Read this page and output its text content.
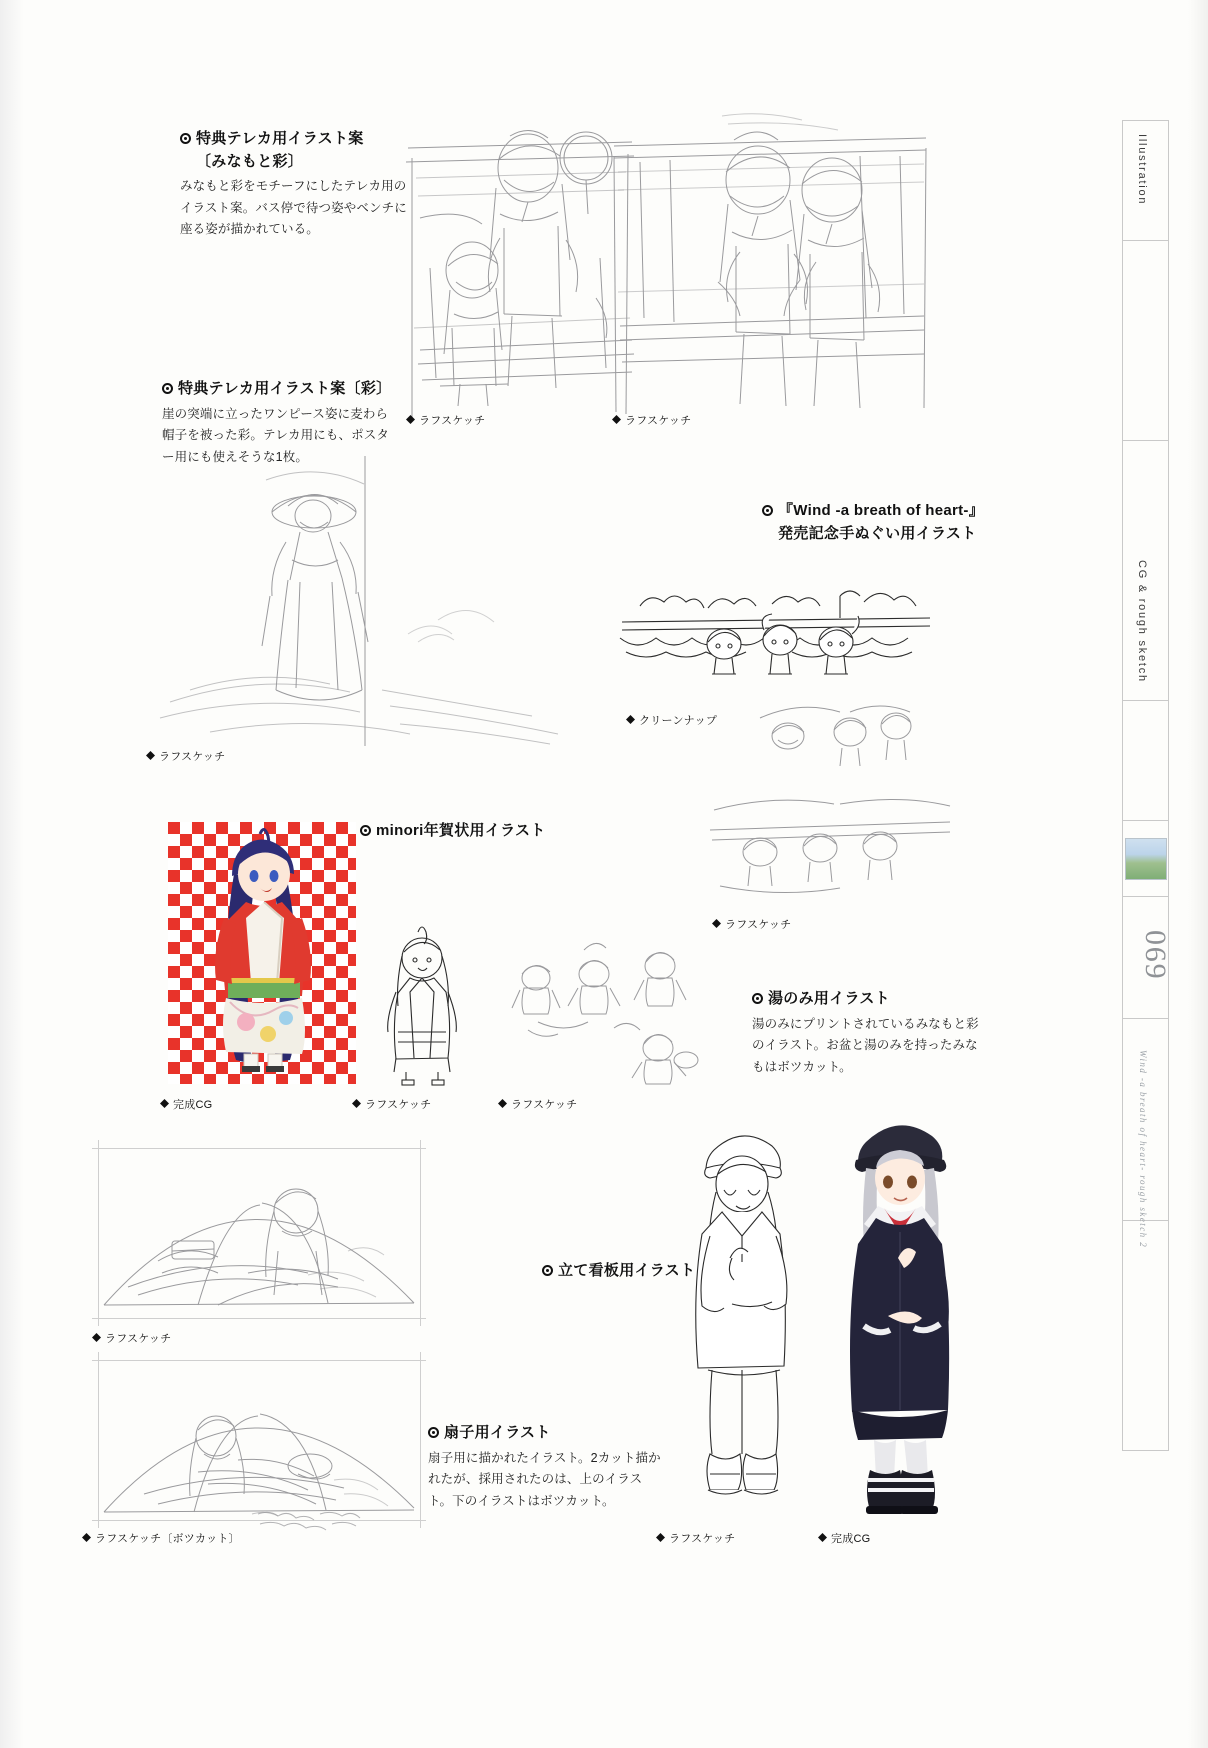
特典テレカ用イラスト案
〔みなもと彩〕
みなもと彩をモチーフにしたテレカ用のイラスト案。バス停で待つ姿やベンチに座る姿が描かれている。
ラフスケッチ	ラフスケッチ
特典テレカ用イラスト案〔彩〕
崖の突端に立ったワンピース姿に麦わら帽子を被った彩。テレカ用にも、ポスター用にも使えそうな1枚。
ラフスケッチ
『Wind -a breath of heart-』
発売記念手ぬぐい用イラスト
クリーンナップ
ラフスケッチ
minori年賀状用イラスト
完成CG	ラフスケッチ	ラフスケッチ
湯のみ用イラスト
湯のみにプリントされているみなもと彩のイラスト。お盆と湯のみを持ったみなもはボツカット。
ラフスケッチ
ラフスケッチ〔ボツカット〕
扇子用イラスト
扇子用に描かれたイラスト。2カット描かれたが、採用されたのは、上のイラスト。下のイラストはボツカット。
立て看板用イラスト
ラフスケッチ	完成CG
Illustration
CG & rough sketch
069
Wind -a breath of heart- rough sketch 2
